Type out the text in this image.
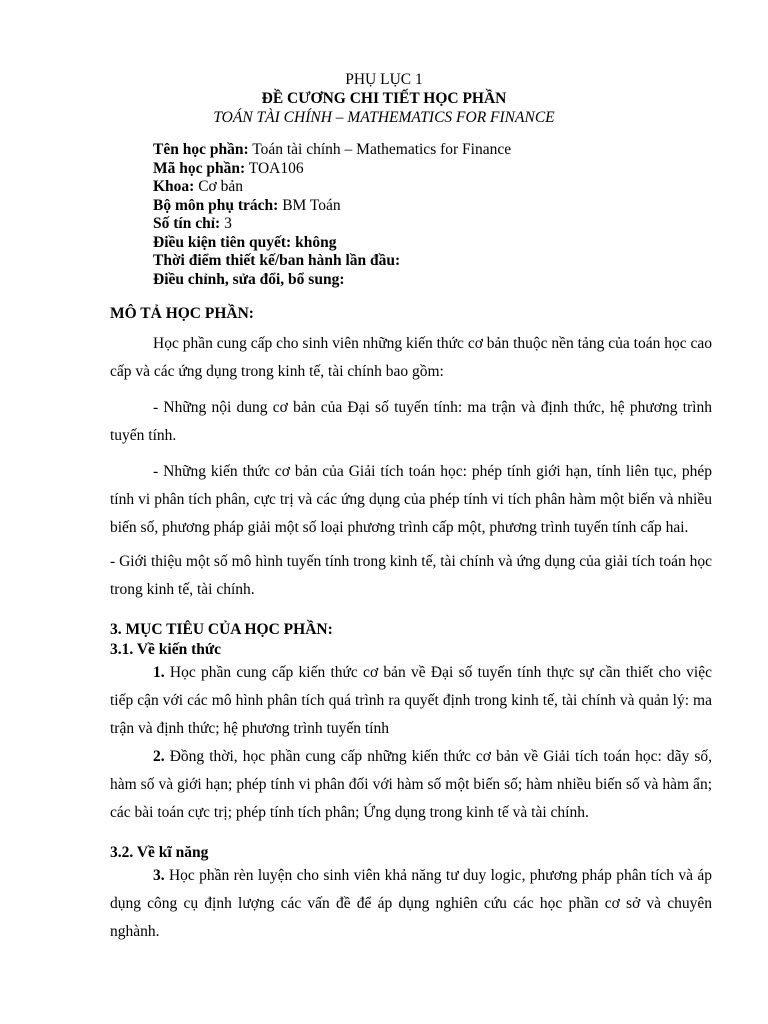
PHỤ LỤC 1
ĐỀ CƯƠNG CHI TIẾT HỌC PHẦN
TOÁN TÀI CHÍNH – MATHEMATICS FOR FINANCE
Tên học phần: Toán tài chính – Mathematics for Finance
Mã học phần: TOA106
Khoa: Cơ bản
Bộ môn phụ trách: BM Toán
Số tín chỉ: 3
Điều kiện tiên quyết: không
Thời điểm thiết kế/ban hành lần đầu:
Điều chỉnh, sửa đổi, bổ sung:

MÔ TẢ HỌC PHẦN:

Học phần cung cấp cho sinh viên những kiến thức cơ bản thuộc nền tảng của toán học cao cấp và các ứng dụng trong kinh tế, tài chính bao gồm:

- Những nội dung cơ bản của Đại số tuyến tính: ma trận và định thức, hệ phương trình tuyến tính.

- Những kiến thức cơ bản của Giải tích toán học: phép tính giới hạn, tính liên tục, phép tính vi phân tích phân, cực trị và các ứng dụng của phép tính vi tích phân hàm một biến và nhiều biến số, phương pháp giải một số loại phương trình cấp một, phương trình tuyến tính cấp hai.

- Giới thiệu một số mô hình tuyến tính trong kinh tế, tài chính và ứng dụng của giải tích toán học trong kinh tế, tài chính.

3. MỤC TIÊU CỦA HỌC PHẦN:

3.1. Về kiến thức

1. Học phần cung cấp kiến thức cơ bản về Đại số tuyến tính thực sự cần thiết cho việc tiếp cận với các mô hình phân tích quá trình ra quyết định trong kinh tế, tài chính và quản lý: ma trận và định thức; hệ phương trình tuyến tính

2. Đồng thời, học phần cung cấp những kiến thức cơ bản về Giải tích toán học: dãy số, hàm số và giới hạn; phép tính vi phân đối với hàm số một biến số; hàm nhiều biến số và hàm ẩn; các bài toán cực trị; phép tính tích phân; Ứng dụng trong kinh tế và tài chính.

3.2. Về kĩ năng

3. Học phần rèn luyện cho sinh viên khả năng tư duy logic, phương pháp phân tích và áp dụng công cụ định lượng các vấn đề để áp dụng nghiên cứu các học phần cơ sở và chuyên nghành.
